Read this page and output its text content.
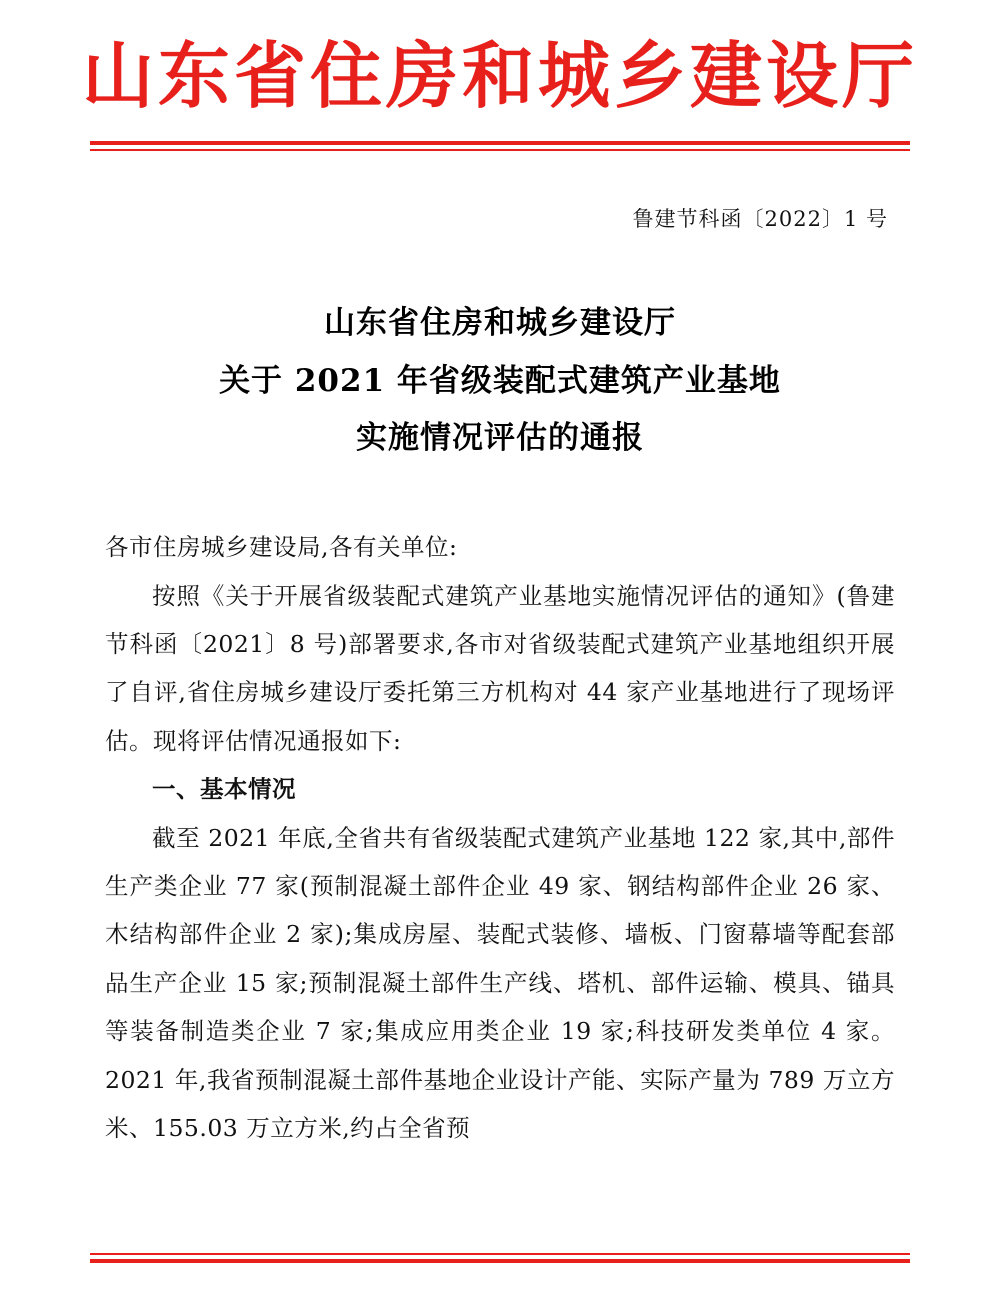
山东省住房和城乡建设厅
鲁建节科函〔2022〕1 号
山东省住房和城乡建设厅
关于 2021 年省级装配式建筑产业基地
实施情况评估的通报

各市住房城乡建设局,各有关单位:

按照《关于开展省级装配式建筑产业基地实施情况评估的通知》(鲁建节科函〔2021〕8 号)部署要求,各市对省级装配式建筑产业基地组织开展了自评,省住房城乡建设厅委托第三方机构对 44 家产业基地进行了现场评估。现将评估情况通报如下:

一、基本情况

截至 2021 年底,全省共有省级装配式建筑产业基地 122 家,其中,部件生产类企业 77 家(预制混凝土部件企业 49 家、钢结构部件企业 26 家、木结构部件企业 2 家);集成房屋、装配式装修、墙板、门窗幕墙等配套部品生产企业 15 家;预制混凝土部件生产线、塔机、部件运输、模具、锚具等装备制造类企业 7 家;集成应用类企业 19 家;科技研发类单位 4 家。2021 年,我省预制混凝土部件基地企业设计产能、实际产量为 789 万立方米、155.03 万立方米,约占全省预
